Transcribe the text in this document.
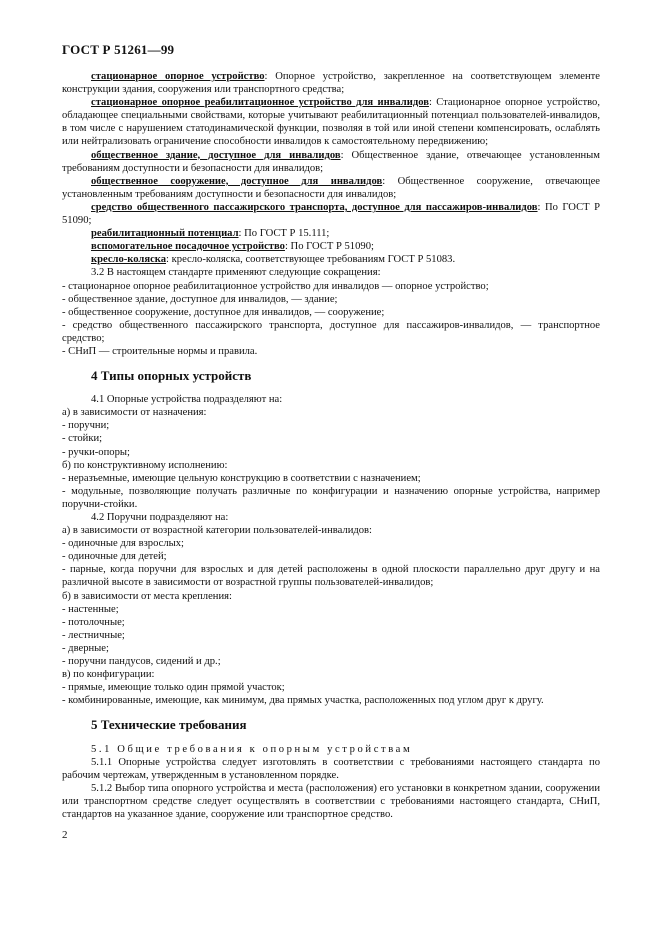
ГОСТ Р 51261—99

стационарное опорное устройство: Опорное устройство, закрепленное на соответствующем элементе конструкции здания, сооружения или транспортного средства;

стационарное опорное реабилитационное устройство для инвалидов: Стационарное опорное устройство, обладающее специальными свойствами, которые учитывают реабилитационный потенциал пользователей-инвалидов, в том числе с нарушением статодинамической функции, позволяя в той или иной степени компенсировать, ослаблять или нейтрализовать ограничение способности инвалидов к самостоятельному передвижению;

общественное здание, доступное для инвалидов: Общественное здание, отвечающее установленным требованиям доступности и безопасности для инвалидов;

общественное сооружение, доступное для инвалидов: Общественное сооружение, отвечающее установленным требованиям доступности и безопасности для инвалидов;

средство общественного пассажирского транспорта, доступное для пассажиров-инвалидов: По ГОСТ Р 51090;

реабилитационный потенциал: По ГОСТ Р 15.111;

вспомогательное посадочное устройство: По ГОСТ Р 51090;

кресло-коляска: кресло-коляска, соответствующее требованиям ГОСТ Р 51083.

3.2 В настоящем стандарте применяют следующие сокращения:

- стационарное опорное реабилитационное устройство для инвалидов — опорное устройство;

- общественное здание, доступное для инвалидов, — здание;

- общественное сооружение, доступное для инвалидов, — сооружение;

- средство общественного пассажирского транспорта, доступное для пассажиров-инвалидов, — транспортное средство;

- СНиП — строительные нормы и правила.

4 Типы опорных устройств

4.1 Опорные устройства подразделяют на:

а) в зависимости от назначения:

- поручни;

- стойки;

- ручки-опоры;

б) по конструктивному исполнению:

- неразъемные, имеющие цельную конструкцию в соответствии с назначением;

- модульные, позволяющие получать различные по конфигурации и назначению опорные устройства, например поручни-стойки.

4.2 Поручни подразделяют на:

а) в зависимости от возрастной категории пользователей-инвалидов:

- одиночные для взрослых;

- одиночные для детей;

- парные, когда поручни для взрослых и для детей расположены в одной плоскости параллельно друг другу и на различной высоте в зависимости от возрастной группы пользователей-инвалидов;

б) в зависимости от места крепления:

- настенные;

- потолочные;

- лестничные;

- дверные;

- поручни пандусов, сидений и др.;

в) по конфигурации:

- прямые, имеющие только один прямой участок;

- комбинированные, имеющие, как минимум, два прямых участка, расположенных под углом друг к другу.

5 Технические требования

5.1 Общие требования к опорным устройствам

5.1.1 Опорные устройства следует изготовлять в соответствии с требованиями настоящего стандарта по рабочим чертежам, утвержденным в установленном порядке.

5.1.2 Выбор типа опорного устройства и места (расположения) его установки в конкретном здании, сооружении или транспортном средстве следует осуществлять в соответствии с требованиями настоящего стандарта, СНиП, стандартов на указанное здание, сооружение или транспортное средство.

2
